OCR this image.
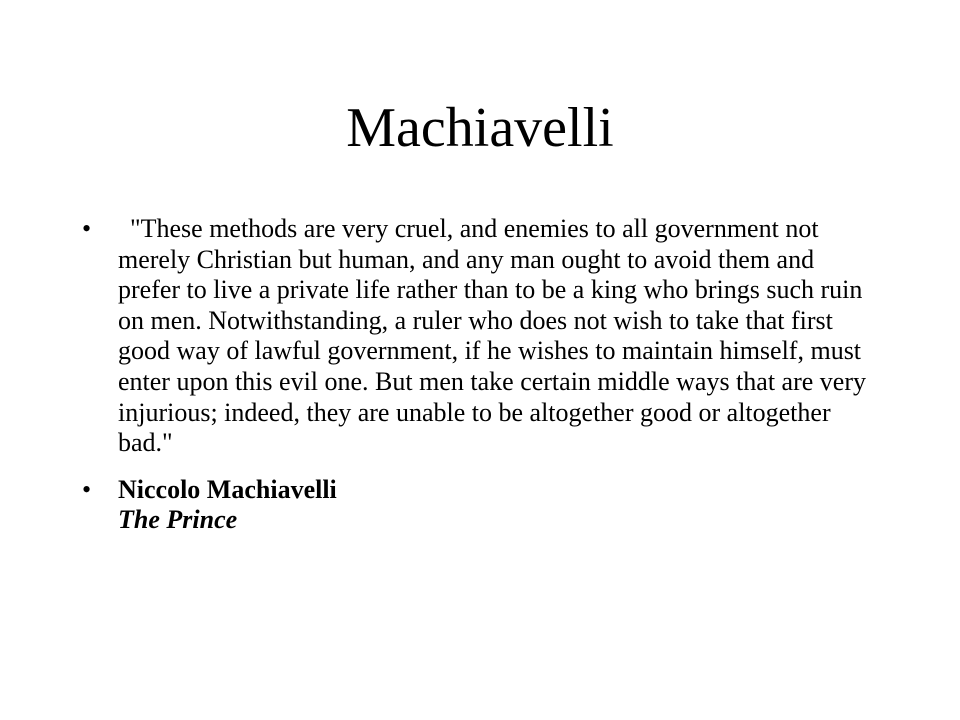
Machiavelli
•	"These methods are very cruel, and enemies to all government not merely Christian but human, and any man ought to avoid them and prefer to live a private life rather than to be a king who brings such ruin on men. Notwithstanding, a ruler who does not wish to take that first good way of lawful government, if he wishes to maintain himself, must enter upon this evil one. But men take certain middle ways that are very injurious; indeed, they are unable to be altogether good or altogether bad."
• Niccolo Machiavelli
The Prince
